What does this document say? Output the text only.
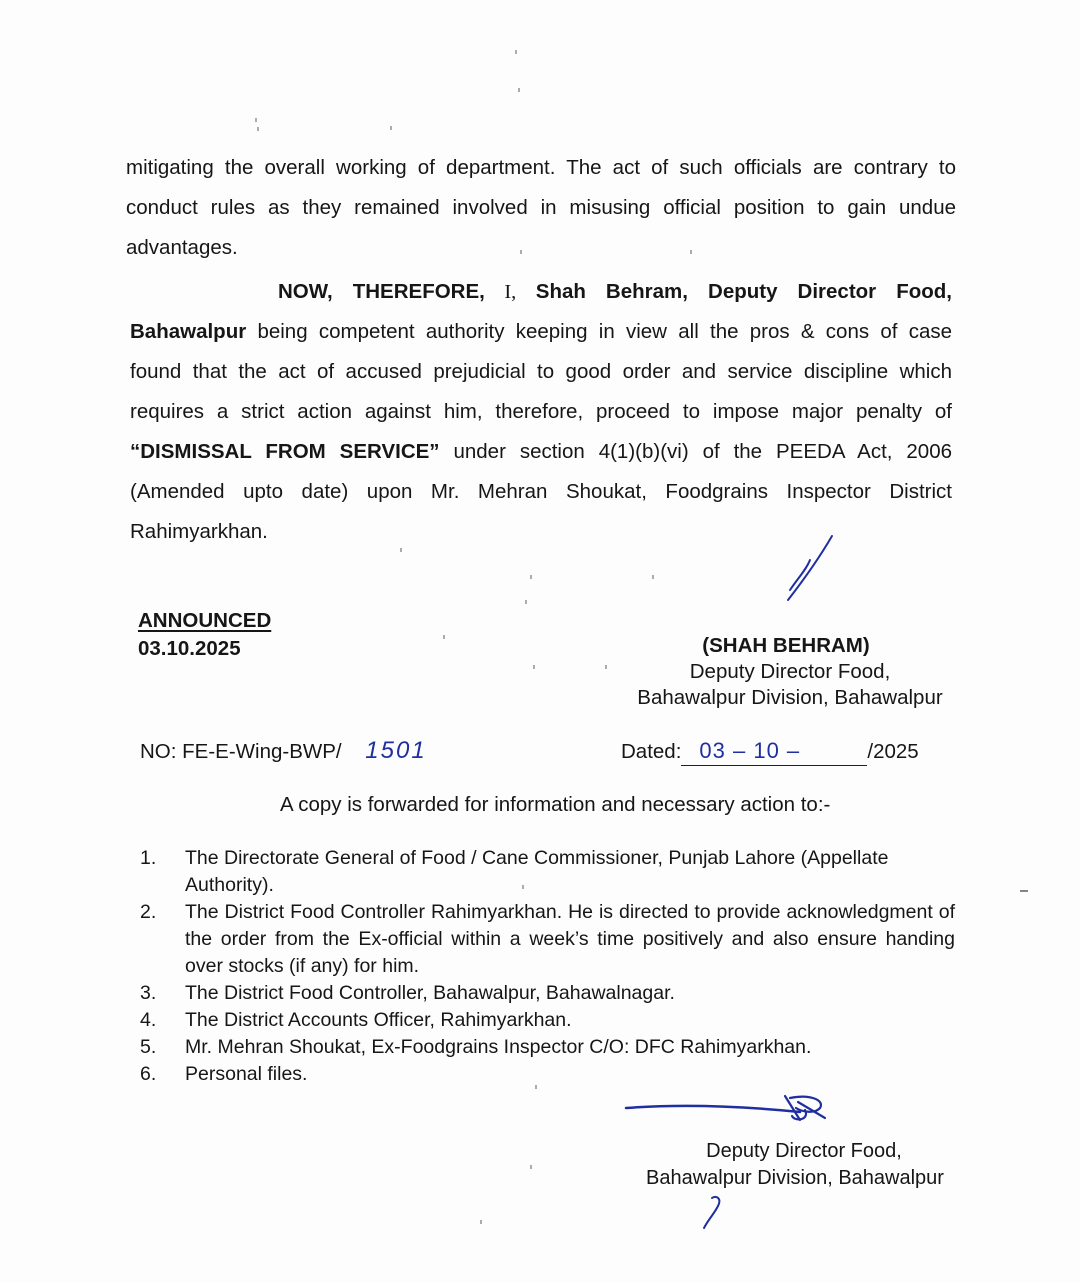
mitigating the overall working of department. The act of such officials are contrary to
conduct rules as they remained involved in misusing official position to gain undue
advantages.
NOW, THEREFORE, I, Shah Behram, Deputy Director Food,
Bahawalpur being competent authority keeping in view all the pros & cons of case
found that the act of accused prejudicial to good order and service discipline which
requires a strict action against him, therefore, proceed to impose major penalty of
“DISMISSAL FROM SERVICE” under section 4(1)(b)(vi) of the PEEDA Act, 2006
(Amended upto date) upon Mr. Mehran Shoukat, Foodgrains Inspector District
Rahimyarkhan.
ANNOUNCED
03.10.2025	(SHAH BEHRAM)
Deputy Director Food,
Bahawalpur Division, Bahawalpur
NO: FE-E-Wing-BWP/ 1501	Dated: 03 – 10 –	/2025
A copy is forwarded for information and necessary action to:-
1.	The Directorate General of Food / Cane Commissioner, Punjab Lahore (Appellate Authority).
2.	The District Food Controller Rahimyarkhan. He is directed to provide acknowledgment of the order from the Ex-official within a week’s time positively and also ensure handing over stocks (if any) for him.
3.	The District Food Controller, Bahawalpur, Bahawalnagar.
4.	The District Accounts Officer, Rahimyarkhan.
5.	Mr. Mehran Shoukat, Ex-Foodgrains Inspector C/O: DFC Rahimyarkhan.
6.	Personal files.
Deputy Director Food,
Bahawalpur Division, Bahawalpur
